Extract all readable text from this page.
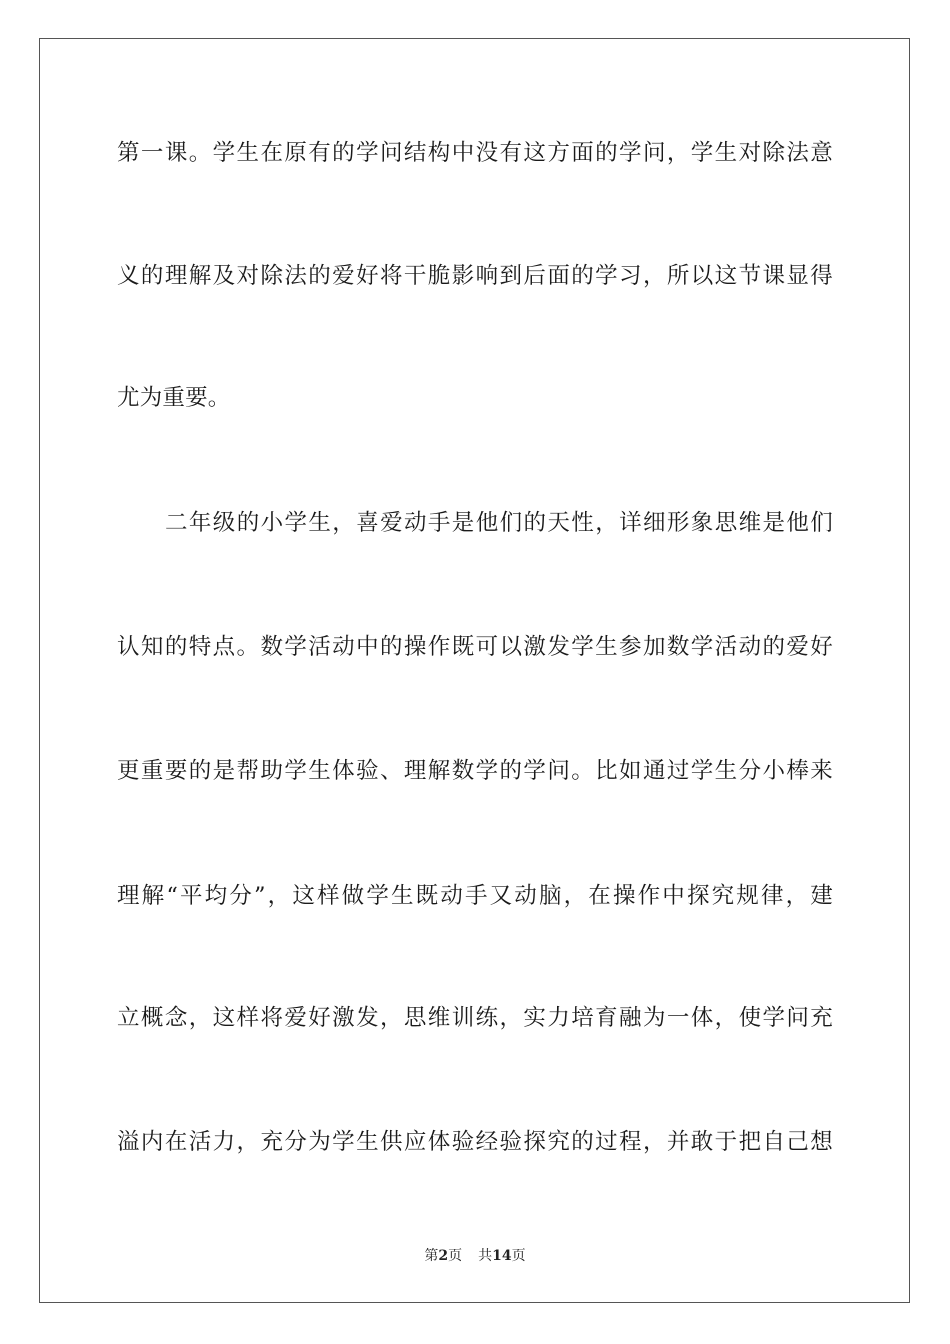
第一课。学生在原有的学问结构中没有这方面的学问，学生对除法意
义的理解及对除法的爱好将干脆影响到后面的学习，所以这节课显得
尤为重要。
二年级的小学生，喜爱动手是他们的天性，详细形象思维是他们
认知的特点。数学活动中的操作既可以激发学生参加数学活动的爱好
更重要的是帮助学生体验、理解数学的学问。比如通过学生分小棒来
理解“平均分”，这样做学生既动手又动脑，在操作中探究规律，建
立概念，这样将爱好激发，思维训练，实力培育融为一体，使学问充
溢内在活力，充分为学生供应体验经验探究的过程，并敢于把自己想
第2页 共14页
